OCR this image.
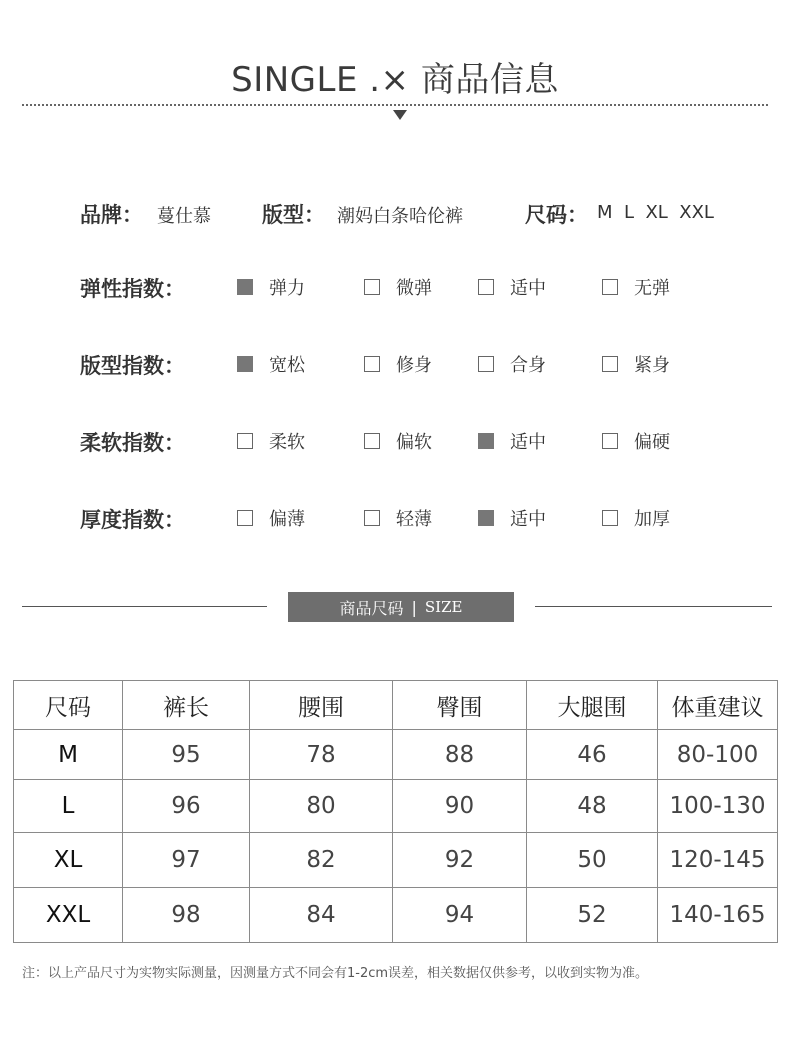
SINGLE .× 商品信息
品牌： 蔓仕慕 版型： 潮妈白条哈伦裤	尺码： M  L  XL  XXL
弹性指数：	弹力	微弹	适中	无弹
版型指数：	宽松	修身	合身	紧身
柔软指数：	柔软	偏软	适中	偏硬
厚度指数：	偏薄	轻薄	适中	加厚
商品尺码 | SIZE
尺码	裤长	腰围	臀围	大腿围	体重建议
M	95	78	88	46	80-100
L	96	80	90	48	100-130
XL	97	82	92	50	120-145
XXL	98	84	94	52	140-165
注：以上产品尺寸为实物实际测量，因测量方式不同会有1-2cm误差，相关数据仅供参考，以收到实物为准。
